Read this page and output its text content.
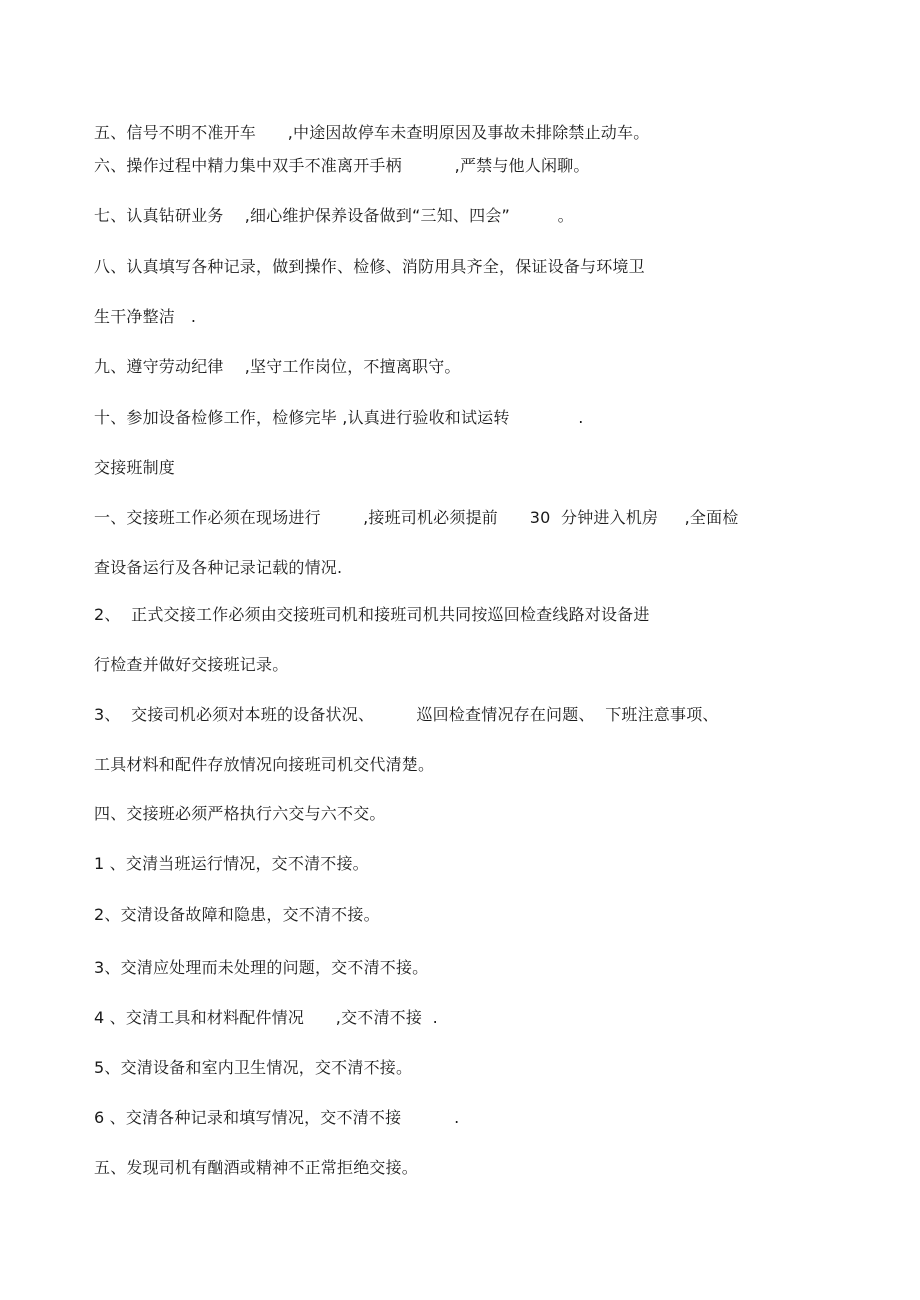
五、信号不明不准开车      ,中途因故停车未查明原因及事故未排除禁止动车。
六、操作过程中精力集中双手不准离开手柄          ,严禁与他人闲聊。
七、认真钻研业务    ,细心维护保养设备做到“三知、四会”         。
八、认真填写各种记录，做到操作、检修、消防用具齐全，保证设备与环境卫
生干净整洁   .
九、遵守劳动纪律    ,坚守工作岗位，不擅离职守。
十、参加设备检修工作，检修完毕 ,认真进行验收和试运转             .
交接班制度
一、交接班工作必须在现场进行        ,接班司机必须提前      30  分钟进入机房     ,全面检
查设备运行及各种记录记载的情况.
2、  正式交接工作必须由交接班司机和接班司机共同按巡回检查线路对设备进
行检查并做好交接班记录。
3、  交接司机必须对本班的设备状况、        巡回检查情况存在问题、  下班注意事项、
工具材料和配件存放情况向接班司机交代清楚。
四、交接班必须严格执行六交与六不交。
1 、交清当班运行情况，交不清不接。
2、交清设备故障和隐患，交不清不接。
3、交清应处理而未处理的问题，交不清不接。
4 、交清工具和材料配件情况      ,交不清不接  .
5、交清设备和室内卫生情况，交不清不接。
6 、交清各种记录和填写情况，交不清不接          .
五、发现司机有酗酒或精神不正常拒绝交接。
